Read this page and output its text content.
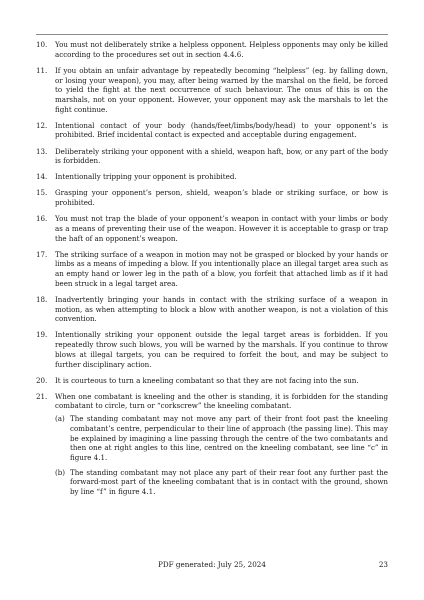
10. You must not deliberately strike a helpless opponent. Helpless opponents may only be killed according to the procedures set out in section 4.4.6.
11. If you obtain an unfair advantage by repeatedly becoming “helpless” (eg. by falling down, or losing your weapon), you may, after being warned by the marshal on the field, be forced to yield the fight at the next occurrence of such behaviour. The onus of this is on the marshals, not on your opponent. However, your opponent may ask the marshals to let the fight continue.
12. Intentional contact of your body (hands/feet/limbs/body/head) to your opponent’s is prohibited. Brief incidental contact is expected and acceptable during engagement.
13. Deliberately striking your opponent with a shield, weapon haft, bow, or any part of the body is forbidden.
14. Intentionally tripping your opponent is prohibited.
15. Grasping your opponent’s person, shield, weapon’s blade or striking surface, or bow is prohibited.
16. You must not trap the blade of your opponent’s weapon in contact with your limbs or body as a means of preventing their use of the weapon. However it is acceptable to grasp or trap the haft of an opponent’s weapon.
17. The striking surface of a weapon in motion may not be grasped or blocked by your hands or limbs as a means of impeding a blow. If you intentionally place an illegal target area such as an empty hand or lower leg in the path of a blow, you forfeit that attached limb as if it had been struck in a legal target area.
18. Inadvertently bringing your hands in contact with the striking surface of a weapon in motion, as when attempting to block a blow with another weapon, is not a violation of this convention.
19. Intentionally striking your opponent outside the legal target areas is forbidden. If you repeatedly throw such blows, you will be warned by the marshals. If you continue to throw blows at illegal targets, you can be required to forfeit the bout, and may be subject to further disciplinary action.
20. It is courteous to turn a kneeling combatant so that they are not facing into the sun.
21. When one combatant is kneeling and the other is standing, it is forbidden for the standing combatant to circle, turn or “corkscrew” the kneeling combatant.
(a) The standing combatant may not move any part of their front foot past the kneeling combatant’s centre, perpendicular to their line of approach (the passing line). This may be explained by imagining a line passing through the centre of the two combatants and then one at right angles to this line, centred on the kneeling combatant, see line “c” in figure 4.1.
(b) The standing combatant may not place any part of their rear foot any further past the forward-most part of the kneeling combatant that is in contact with the ground, shown by line “f” in figure 4.1.
PDF generated: July 25, 2024	23
